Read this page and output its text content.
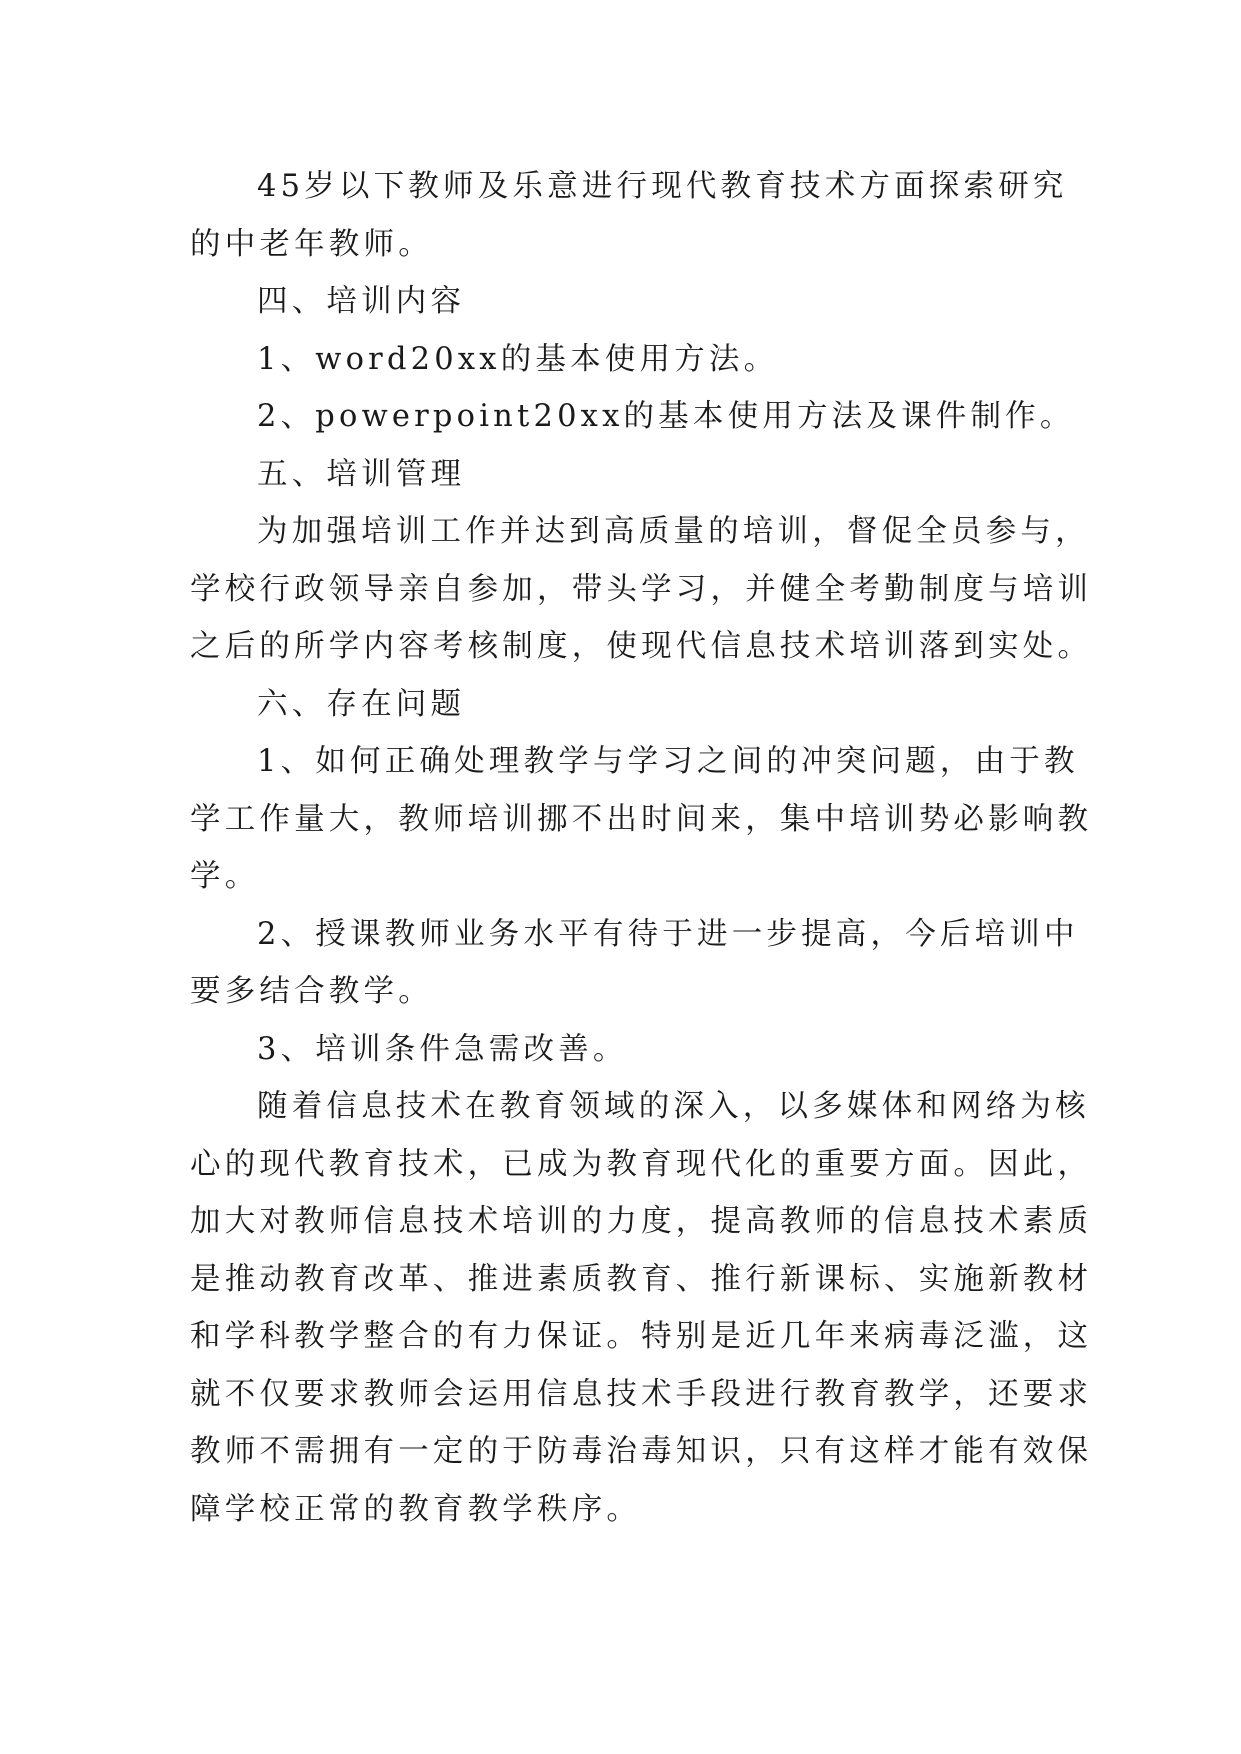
45岁以下教师及乐意进行现代教育技术方面探索研究
的中老年教师。
四、培训内容
1、word20xx的基本使用方法。
2、powerpoint20xx的基本使用方法及课件制作。
五、培训管理
为加强培训工作并达到高质量的培训，督促全员参与，
学校行政领导亲自参加，带头学习，并健全考勤制度与培训
之后的所学内容考核制度，使现代信息技术培训落到实处。
六、存在问题
1、如何正确处理教学与学习之间的冲突问题，由于教
学工作量大，教师培训挪不出时间来，集中培训势必影响教
学。
2、授课教师业务水平有待于进一步提高，今后培训中
要多结合教学。
3、培训条件急需改善。
随着信息技术在教育领域的深入，以多媒体和网络为核
心的现代教育技术，已成为教育现代化的重要方面。因此，
加大对教师信息技术培训的力度，提高教师的信息技术素质
是推动教育改革、推进素质教育、推行新课标、实施新教材
和学科教学整合的有力保证。特别是近几年来病毒泛滥，这
就不仅要求教师会运用信息技术手段进行教育教学，还要求
教师不需拥有一定的于防毒治毒知识，只有这样才能有效保
障学校正常的教育教学秩序。
